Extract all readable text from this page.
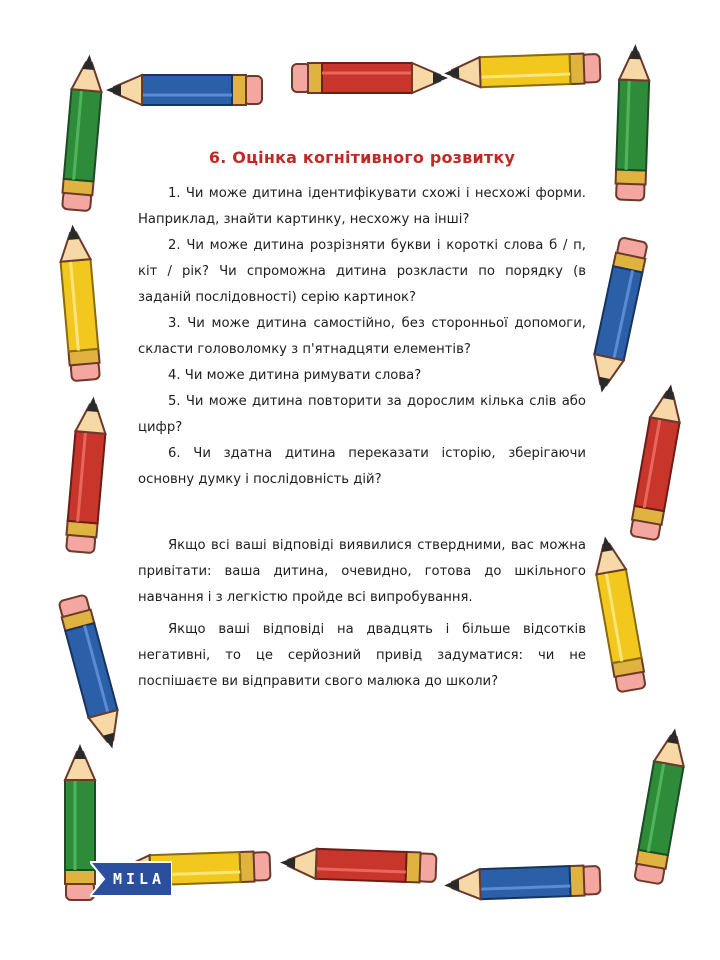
6. Оцінка когнітивного розвитку

1. Чи може дитина ідентифікувати схожі і несхожі форми. Наприклад, знайти картинку, несхожу на інші?

2. Чи може дитина розрізняти букви і короткі слова б / п, кіт / рік? Чи спроможна дитина розкласти по порядку (в заданій послідовності) серію картинок?

3. Чи може дитина самостійно, без сторонньої допомоги, скласти головоломку з п'ятнадцяти елементів?

4. Чи може дитина римувати слова?

5. Чи може дитина повторити за дорослим кілька слів або цифр?

6. Чи здатна дитина переказати історію, зберігаючи основну думку і послідовність дій?

Якщо всі ваші відповіді виявилися ствердними, вас можна привітати: ваша дитина, очевидно, готова до шкільного навчання і з легкістю пройде всі випробування.

Якщо ваші відповіді на двадцять і більше відсотків негативні, то це серйозний привід задуматися: чи не поспішаєте ви відправити свого малюка до школи?

MILA
